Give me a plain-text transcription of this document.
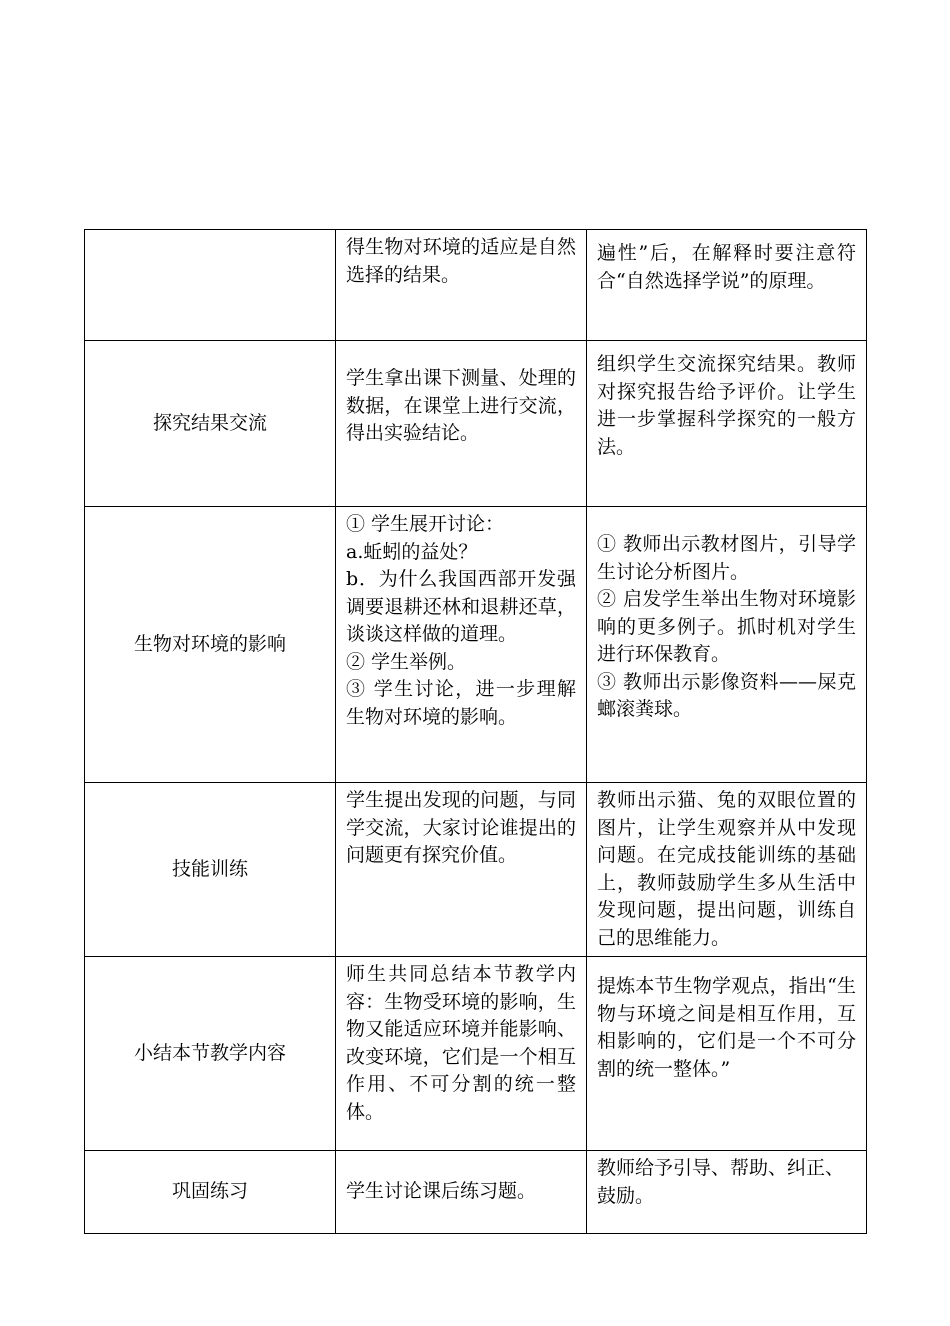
	得生物对环境的适应是自然选择的结果。	遍性”后，在解释时要注意符合“自然选择学说”的原理。

探究结果交流	学生拿出课下测量、处理的数据，在课堂上进行交流，得出实验结论。	组织学生交流探究结果。教师对探究报告给予评价。让学生进一步掌握科学探究的一般方法。

生物对环境的影响	① 学生展开讨论：
a.蚯蚓的益处？
b．为什么我国西部开发强调要退耕还林和退耕还草，谈谈这样做的道理。
② 学生举例。
③ 学生讨论，进一步理解生物对环境的影响。	① 教师出示教材图片，引导学生讨论分析图片。
② 启发学生举出生物对环境影响的更多例子。抓时机对学生进行环保教育。
③ 教师出示影像资料——屎克螂滚粪球。

技能训练	学生提出发现的问题，与同学交流，大家讨论谁提出的问题更有探究价值。	教师出示猫、兔的双眼位置的图片，让学生观察并从中发现问题。在完成技能训练的基础上，教师鼓励学生多从生活中发现问题，提出问题，训练自己的思维能力。

小结本节教学内容	师生共同总结本节教学内容：生物受环境的影响，生物又能适应环境并能影响、改变环境，它们是一个相互作用、不可分割的统一整体。	提炼本节生物学观点，指出“生物与环境之间是相互作用，互相影响的，它们是一个不可分割的统一整体。”

巩固练习	学生讨论课后练习题。	教师给予引导、帮助、纠正、
鼓励。
